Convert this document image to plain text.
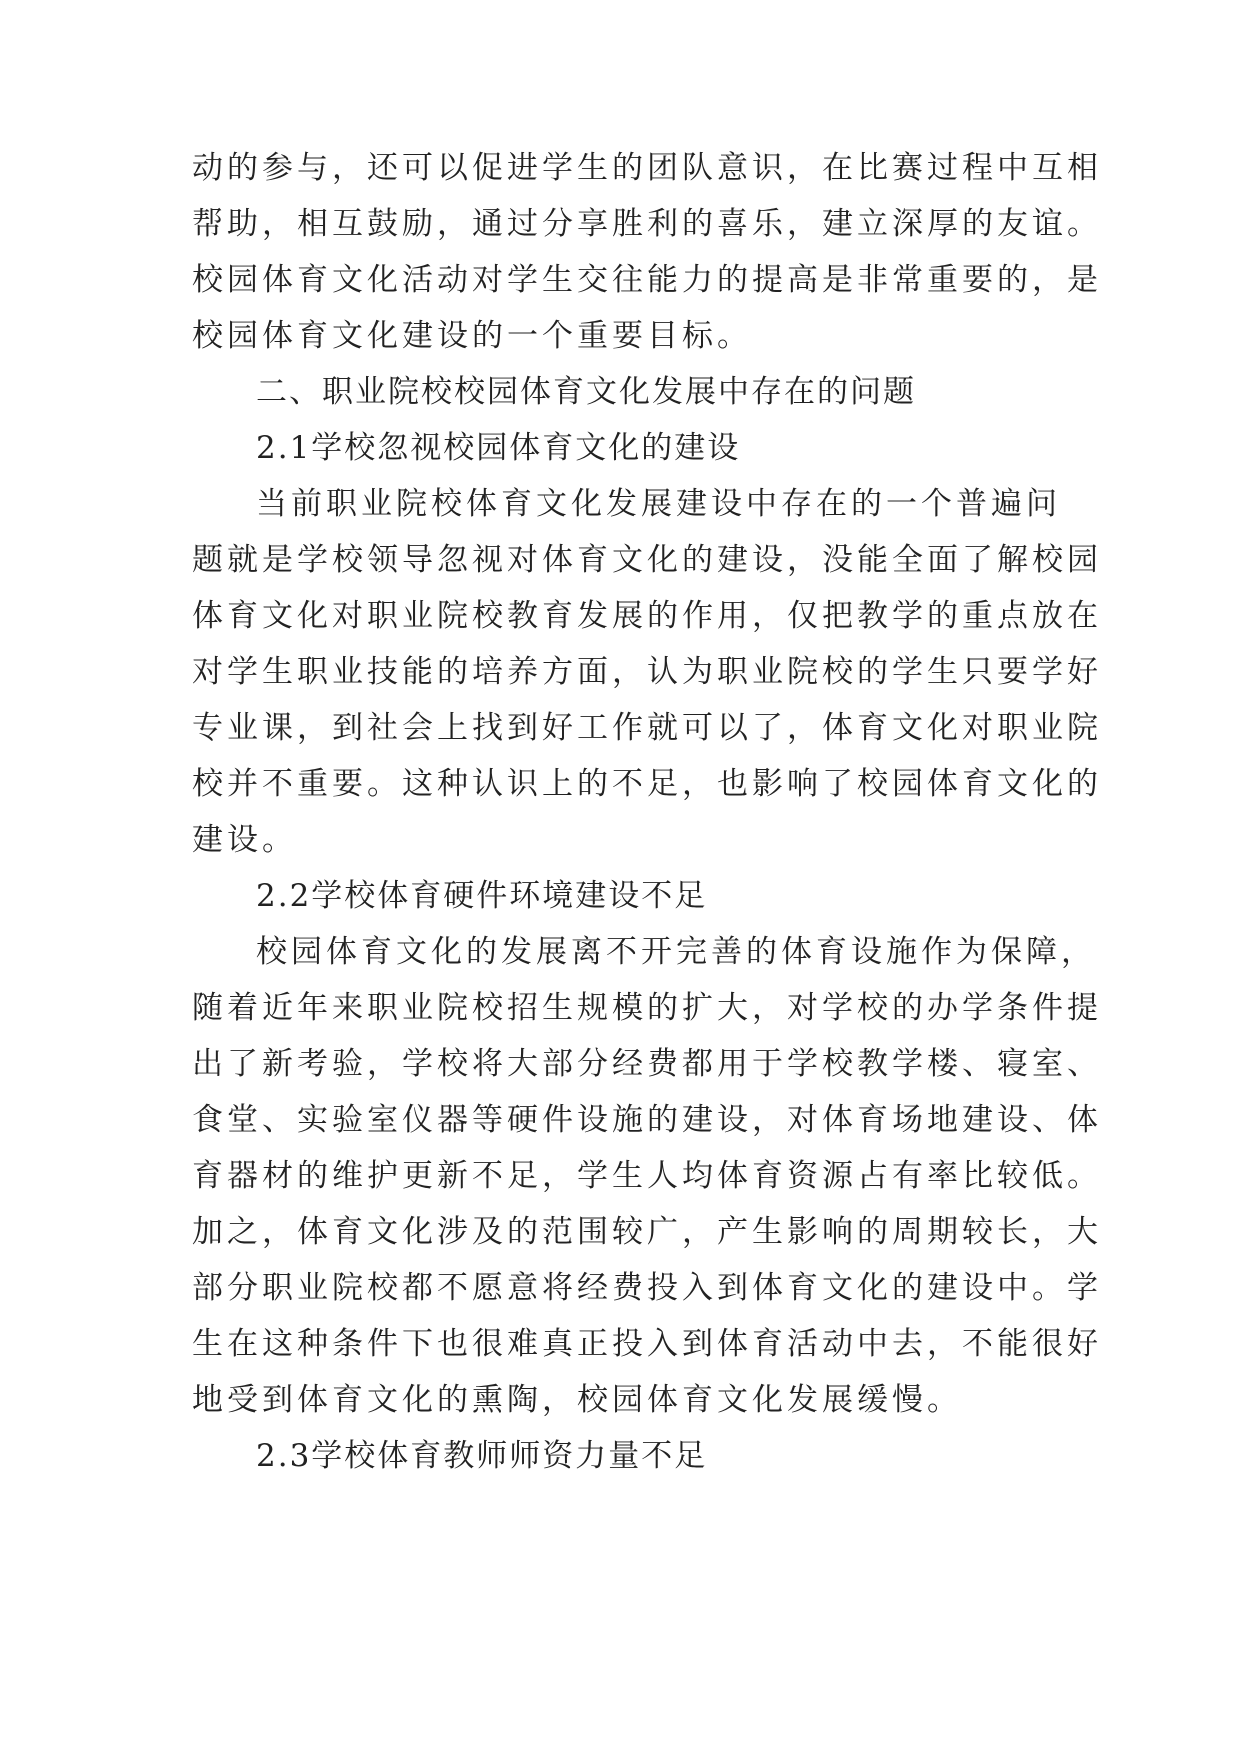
动的参与，还可以促进学生的团队意识，在比赛过程中互相
帮助，相互鼓励，通过分享胜利的喜乐，建立深厚的友谊。
校园体育文化活动对学生交往能力的提高是非常重要的，是
校园体育文化建设的一个重要目标。
二、职业院校校园体育文化发展中存在的问题
2.1学校忽视校园体育文化的建设
当前职业院校体育文化发展建设中存在的一个普遍问
题就是学校领导忽视对体育文化的建设，没能全面了解校园
体育文化对职业院校教育发展的作用，仅把教学的重点放在
对学生职业技能的培养方面，认为职业院校的学生只要学好
专业课，到社会上找到好工作就可以了，体育文化对职业院
校并不重要。这种认识上的不足，也影响了校园体育文化的
建设。
2.2学校体育硬件环境建设不足
校园体育文化的发展离不开完善的体育设施作为保障，
随着近年来职业院校招生规模的扩大，对学校的办学条件提
出了新考验，学校将大部分经费都用于学校教学楼、寝室、
食堂、实验室仪器等硬件设施的建设，对体育场地建设、体
育器材的维护更新不足，学生人均体育资源占有率比较低。
加之，体育文化涉及的范围较广，产生影响的周期较长，大
部分职业院校都不愿意将经费投入到体育文化的建设中。学
生在这种条件下也很难真正投入到体育活动中去，不能很好
地受到体育文化的熏陶，校园体育文化发展缓慢。
2.3学校体育教师师资力量不足
